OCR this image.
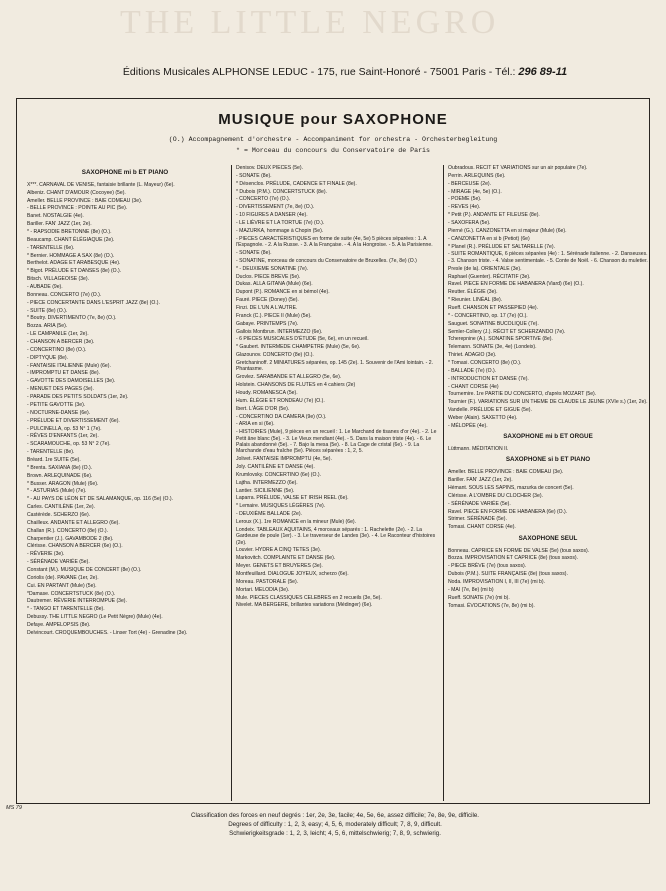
THE LITTLE NEGRO
Éditions Musicales ALPHONSE LEDUC - 175, rue Saint-Honoré - 75001 Paris - Tél.: 296 89-11
MUSIQUE pour SAXOPHONE
(O.) Accompagnement d'orchestre - Accompaniment for orchestra - Orchesterbegleitung
* = Morceau du concours du Conservatoire de Paris
SAXOPHONE mi b ET PIANO
X***. CARNAVAL DE VENISE, fantaisie brillante (L. Mayeur) (6e).
Albeniz. CHANT D'AMOUR (Cocoyee) (5e).
Ameller. BELLE PROVINCE : BAIE COMEAU (3e).
- BELLE PROVINCE : POINTE AU PIC (5e).
Banet. NOSTALGIE (4e).
Bariller. FAN' JAZZ (1er, 2e).
* - RAPSODIE BRETONNE (8e) (O.).
Beaucamp. CHANT ÉLÉGIAQUE (2e).
- TARENTELLE (6e).
* Bernier. HOMMAGE A SAX (8e) (O.).
Berthelot. ADAGE ET ARABESQUE (4e).
* Bigot. PRÉLUDE ET DANSES (8e) (O.).
Bitsch. VILLAGEOISE (3e).
- AUBADE (9e).
Bonneau. CONCERTO (7e) (O.).
- PIECE CONCERTANTE DANS L'ESPRIT JAZZ (8e) (O.).
- SUITE (8e) (O.).
* Boutry. DIVERTIMENTO (7e, 8e) (O.).
Bozza. ARIA (5e).
- LE CAMPANILE (1er, 2e).
- CHANSON A BERCER (3e).
- CONCERTINO (8e) (O.).
- DIPTYQUE (8e).
- FANTAISIE ITALIENNE (Mule) (6e).
- IMPROMPTU ET DANSE (8e).
- GAVOTTE DES DAMOISELLES (3e).
- MENUET DES PAGES (3e).
- PARADE DES PETITS SOLDATS (1er, 2e).
- PETITE GAVOTTE (3e).
- NOCTURNE-DANSE (6e).
- PRÉLUDE ET DIVERTISSEMENT (6e).
- PULCINELLA, op. 53 N° 1 (7e).
- RÊVES D'ENFANTS (1er, 2e).
- SCARAMOUCHE, op. 53 N° 2 (7e).
- TARENTELLE (8e).
Bréard. 1re SUITE (5e).
* Brenta. SAXIANA (8e) (O.).
Brown. ARLEQUINADE (6e).
* Busser. ARAGON (Mule) (6e).
* - ASTURIAS (Mule) (7e).
* - AU PAYS DE LÉON ET DE SALAMANQUE, op. 116 (5e) (O.).
Carles. CANTILÈNE (1er, 2e).
Castérède. SCHERZO (6e).
Chailleux. ANDANTE ET ALLEGRO (6e).
Challan (R.). CONCERTO (8e) (O.).
Charpentier (J.). GAVAMBODE 2 (8e).
Clérisse. CHANSON A BERCER (6e) (O.).
- RÊVERIE (3e).
- SÉRÉNADE VARIÉE (5e).
Constant (M.). MUSIQUE DE CONCERT (8e) (O.).
Coriolis (de). PAVANE (1er, 2e).
Cui. EN PARTANT (Mule) (5e).
*Damase. CONCERTSTUCK (8e) (O.).
Dautremer. RÊVERIE INTERROMPUE (3e).
* - TANGO ET TARENTELLE (8e).
Debussy. THE LITTLE NEGRO (Le Petit Nègre) (Mule) (4e).
Defaye. AMPELOPSIS (8e).
Delvincourt. CROQUEMBOUCHES. - Linser Tort (4e) - Grenadine (3e).
Denisov. DEUX PIECES (5e).
- SONATE (8e).
* Désenclos. PRÉLUDE, CADENCE ET FINALE (8e).
* Dubois (P.M.). CONCERTSTUCK (8e).
- CONCERTO (7e) (O.).
- DIVERTISSEMENT (7e, 8e) (O.).
- 10 FIGURES A DANSER (4e).
- LE LIÈVRE ET LA TORTUE (7e) (O.).
- MAZURKA, hommage à Chopin (5e).
- PIECES CARACTÉRISTIQUES en forme de suite (4e, 5e) 5 pièces séparées : 1. A l'Espagnole. - 2. A la Russe. - 3. A la Française. - 4. A la Hongroise. - 5. A la Parisienne.
- SONATE (8e).
- SONATINE, morceau de concours du Conservatoire de Bruxelles. (7e, 8e) (O.)
* - DEUXIEME SONATINE (7e).
Duclos. PIECE BREVE (5e).
Dukas. ALLA GITANA (Mule) (6e).
Dupont (P.). ROMANCE en si bémol (4e).
Fauré. PIECE (Doney) (5e).
Finzi. DE L'UN A L'AUTRE.
Franck (C.). PIECE II (Mule) (5e).
Gabaye. PRINTEMPS (7e).
Gallois Montbrun. INTERMEZZO (6e).
- 6 PIECES MUSICALES D'ÉTUDE (5e, 6e), en un recueil.
* Gaubert. INTERMEDE CHAMPETRE (Mule) (5e, 6e).
Glazounov. CONCERTO (8e) (O.).
Gretchaninoff. 2 MINIATURES séparées, op. 145 (2e). 1. Souvenir de l'Ami lointain. - 2. Phantasme.
Grovlez. SARABANDE ET ALLEGRO (5e, 6e).
Holstein. CHANSONS DE FLUTES en 4 cahiers (2e)
Houdy. ROMANESCA (5e).
Hum. ÉLÉGIE ET RONDEAU (7e) (O.).
Ibert. L'ÂGE D'OR (5e).
- CONCERTINO DA CAMERA (9e) (O.).
- ARIA en si (6e).
- HISTOIRES (Mule), 9 pièces en un recueil : 1. Le Marchand de tisanes d'or (4e). - 2. Le Petit âne blanc (5e). - 3. Le Vieux mendiant (4e). - 5. Dans la maison triste (4e). - 6. Le Palais abandonné (5e). - 7. Bajo la mesa (5e). - 8. La Cage de cristal (6e). - 9. La Marchande d'eau fraîche (5e). Pièces séparées : 1, 2, 5.
Jolivet. FANTAISIE IMPROMPTU (4e, 5e).
Joly. CANTILÈNE ET DANSE (4e).
Krumlovsky. CONCERTINO (6e) (O.).
Lajtha. INTERMEZZO (6e).
Lantier. SICILIENNE (5e).
Laparra. PRÉLUDE, VALSE ET IRISH REEL (6e).
* Lemaire. MUSIQUES LÉGÈRES (7e).
- DEUXIÈME BALLADE (2e).
Leroux (X.). 1re ROMANCE en la mineur (Mule) (6e).
Londeix. TABLEAUX AQUITAINS, 4 morceaux séparés : 1. Rachelette (2e). - 2. La Gardeuse de poule (1er). - 3. Le traverseur de Landes (3e). - 4. Le Raconteur d'histoires (2e).
Louvier. HYDRE A CINQ TETES (3e).
Markovitch. COMPLAINTE ET DANSE (6e).
Meyer. GENETS ET BRUYERES (3e).
Montfeuillard. DIALOGUE JOYEUX, scherzo (6e).
Moreau. PASTORALE (5e).
Mortari. MELODIA (3e).
Mule. PIECES CLASSIQUES CELEBRES en 2 recueils (3e, 5e).
Nivelet. MA BERGERE, brillantes variations (Médinger) (6e).
Oubradous. RÉCIT ET VARIATIONS sur un air populaire (7e).
Perrin. ARLEQUINS (6e).
- BERCEUSE (2e).
- MIRAGE (4e, 5e) (O.).
- POEME (5e).
- REVES (4e).
* Petit (P.). ANDANTE ET FILEUSE (8e).
- SAXOFERA (5e).
Pierné (G.). CANZONETTA en si majeur (Mule) (6e).
- CANZONETTA en si b (Petiot) (6e)
* Planel (R.). PRÉLUDE ET SALTARELLE (7e).
- SUITE ROMANTIQUE, 6 pièces séparées (4e) : 1. Sérénade italienne. - 2. Danseuses. - 3. Chanson triste. - 4. Valse sentimentale. - 5. Conte de Noël. - 6. Chanson du muletier.
Presle (de la). ORIENTALE (3e).
Raphael (Guenter). RÉCITATIF (3e).
Ravel. PIECE EN FORME DE HABANERA (Viard) (6e) (O.).
Reutter. ÉLÉGIE (3e).
* Rieunier. LINÉAL (8e).
Rueff. CHANSON ET PASSEPIED (4e).
* - CONCERTINO, op. 17 (7e) (O.).
Sauguet. SONATINE BUCOLIQUE (7e).
Semler-Collery (J.). RÉCIT ET SCHERZANDO (7e).
Tcherepnine (A.). SONATINE SPORTIVE (8e).
Telemann. SONATE (3e, 4e) (Londeix).
Thiriet. ADAGIO (3e).
* Tomasi. CONCERTO (8e) (O.).
- BALLADE (7e) (O.).
- INTRODUCTION ET DANSE (7e).
- CHANT CORSE (4e)
Tournemire. 1re PARTIE DU CONCERTO, d'après MOZART (5e).
Tournier (F.). VARIATIONS SUR UN THEME DE CLAUDE LE JEUNE (XVIe s.) (1er, 2e).
Vandelle. PRÉLUDE ET GIGUE (5e).
Weber (Alain). SAXETTO (4e).
- MÉLOPÉE (4e).
SAXOPHONE mi b ET ORGUE
Lüttmann. MÉDITATION II.
SAXOPHONE si b ET PIANO
Ameller. BELLE PROVINCE : BAIE COMEAU (3e).
Bariller. FAN' JAZZ (1er, 2e).
Hémant. SOUS LES SAPINS, mazurka de concert (5e).
Clérisse. A L'OMBRE DU CLOCHER (3e).
- SÉRÉNADE VARIÉE (5e).
Ravel. PIECE EN FORME DE HABANERA (6e) (O.).
Strimer. SÉRÉNADE (5e).
Tomasi. CHANT CORSE (4e).
SAXOPHONE SEUL
Bonneau. CAPRICE EN FORME DE VALSE (5e) (tous saxos).
Bozza. IMPROVISATION ET CAPRICE (8e) (tous saxos).
- PIECE BRÈVE (7e) (tous saxos).
Dubois (P.M.). SUITE FRANÇAISE (8e) (tous saxos).
Noda. IMPROVISATION I, II, III (7e) (mi b).
- MAI (7e, 8e) (mi b)
Rueff. SONATE (7e) (mi b).
Tomasi. ÉVOCATIONS (7e, 8e) (mi b).
MS 79
Classification des forces en neuf degrés : 1er, 2e, 3e, facile; 4e, 5e, 6e, assez difficile; 7e, 8e, 9e, difficile.
Degrees of difficulty : 1, 2, 3, easy; 4, 5, 6, moderately difficult; 7, 8, 9, difficult.
Schwierigkeitsgrade : 1, 2, 3, leicht; 4, 5, 6, mittelschwierig; 7, 8, 9, schwierig.
